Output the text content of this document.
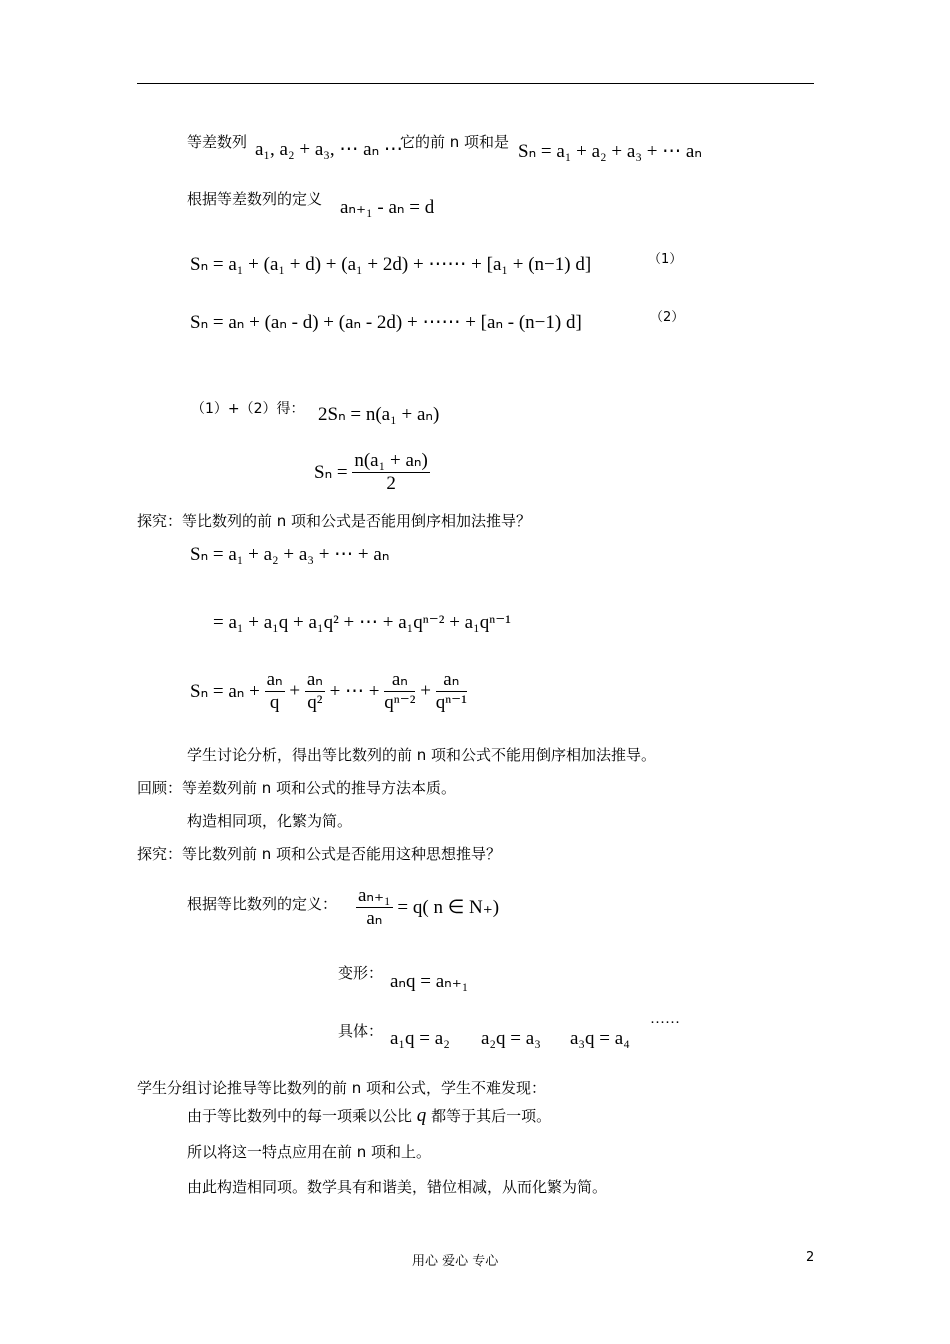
等差数列 a₁, a₂ + a₃, ⋯ aₙ ⋯
它的前 n 项和是 Sₙ = a₁ + a₂ + a₃ + ⋯ aₙ
根据等差数列的定义 aₙ₊₁ - aₙ = d
Sₙ = a₁ + (a₁ + d) + (a₁ + 2d) + ⋯⋯ + [a₁ + (n−1) d]	（1）
Sₙ = aₙ + (aₙ - d) + (aₙ - 2d) + ⋯⋯ + [aₙ - (n−1) d]	（2）
（1）+（2）得： 2Sₙ = n(a₁ + aₙ)
$S_n = \frac{\text{n(a₁ + aₙ)}}{2}$
探究：等比数列的前 n 项和公式是否能用倒序相加法推导？
Sₙ = a₁ + a₂ + a₃ + ⋯ + aₙ
= a₁ + a₁q + a₁q² + ⋯ + a₁qⁿ⁻² + a₁qⁿ⁻¹
$S_n = a_n + \frac{\text{aₙ}}{q} + \frac{\text{aₙ}}{\text{q²}}$ + ⋯ + $\frac{\text{aₙ}}{\text{qⁿ⁻²}} + \frac{\text{aₙ}}{\text{qⁿ⁻¹}}$
学生讨论分析，得出等比数列的前 n 项和公式不能用倒序相加法推导。
回顾：等差数列前 n 项和公式的推导方法本质。
构造相同项，化繁为简。
探究：等比数列前 n 项和公式是否能用这种思想推导？
根据等比数列的定义： $\frac{\text{aₙ₊₁}}{\text{aₙ}} = q$( n ∈ N₊)
变形： aₙq = aₙ₊₁
具体： a₁q = a₂ a₂q = a₃ a₃q = a₄
······
学生分组讨论推导等比数列的前 n 项和公式，学生不难发现：
由于等比数列中的每一项乘以公比 q 都等于其后一项。
所以将这一特点应用在前 n 项和上。
由此构造相同项。数学具有和谐美，错位相减，从而化繁为简。
用心 爱心 专心	2
